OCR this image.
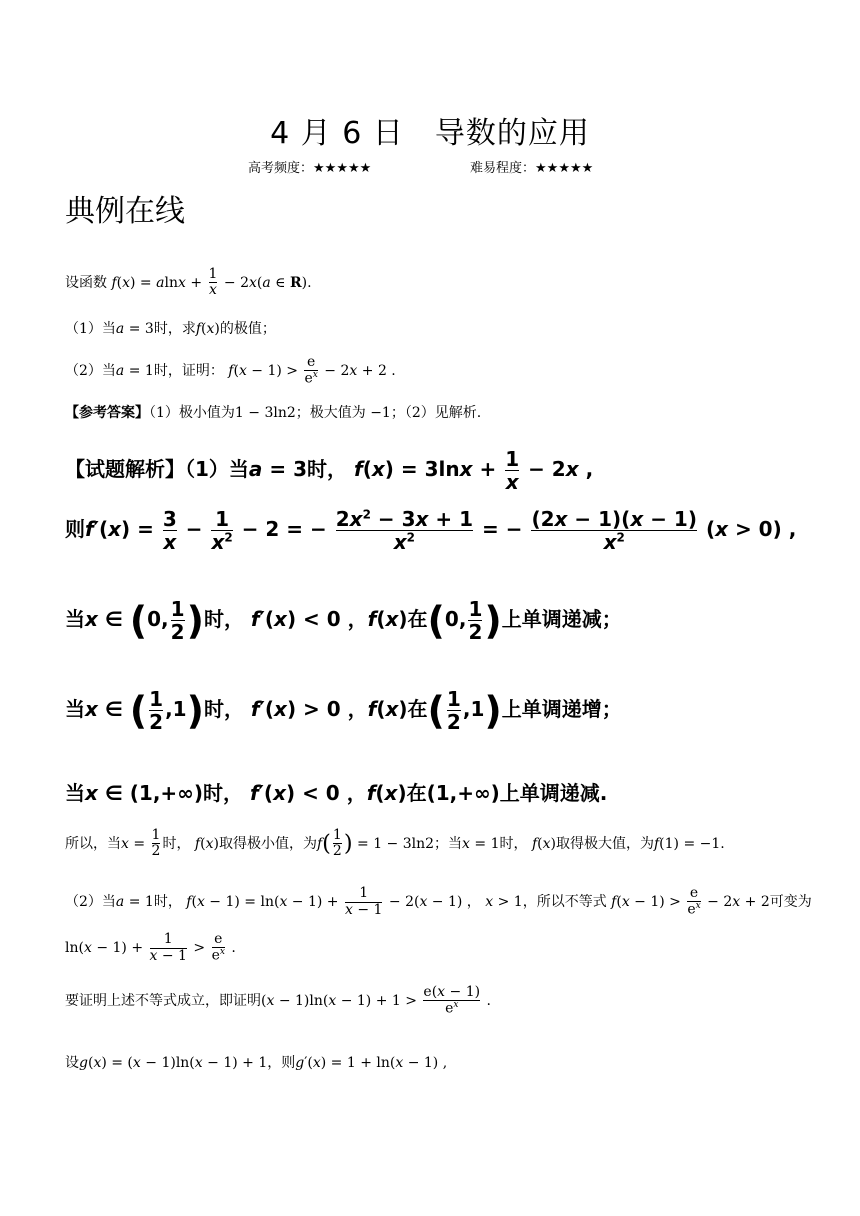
4 月 6 日　导数的应用
高考频度：★★★★★	难易程度：★★★★★
典例在线
设函数 $f(x) = alnx + \frac{1}{x} - 2x(a$ ∈ R).
（1）当a = 3时，求f(x)的极值；
（2）当a = 1时，证明： $f(x - 1) > \frac{e}{e^x} - 2x + 2$ .
【参考答案】（1）极小值为1 − 3ln2；极大值为 −1；（2）见解析.
【试题解析】（1）当a = 3时， $f(x) = 3\ln x + \frac{1}{x} - 2x$ ,
则$f'(x) = \frac{3}{x} - \frac{1}{x^2} - 2$ = − $\frac{2x^2 - 3x + 1}{x^2}$ = − $\frac{(2x - 1)(x - 1)}{x^2} (x > 0)$ ,
当x ∈ (0, $\frac{1}{2}$ )时， f′(x) < 0 ，f(x)在(0, $\frac{1}{2}$ )上单调递减；
当x ∈ ( $\frac{1}{2} ,1$)时， f′(x) > 0 ，f(x)在( $\frac{1}{2} ,1$)上单调递增；
当x ∈ (1,+∞)时， f′(x) < 0 ，f(x)在(1,+∞)上单调递减.
所以，当$x = \frac{1}{2}$ 时， f(x)取得极小值，为$f( \frac{1}{2}$ ) = 1 − 3ln2；当x = 1时， f(x)取得极大值，为f(1) = −1.
（2）当a = 1时， $f(x - 1) = \ln(x - 1) + \frac{1}{x - 1} - 2(x - 1)$ ， x > 1，所以不等式 $f(x - 1) > \frac{e}{e^x} - 2x + 2$可变为
$\ln(x - 1) + \frac{1}{x - 1} > \frac{e}{e^x}$ .
要证明上述不等式成立，即证明$(x - 1)\ln(x - 1) + 1 > \frac{e(x - 1)}{e^x}$ .
设g(x) = (x − 1)ln(x − 1) + 1，则g′(x) = 1 + ln(x − 1) ,
